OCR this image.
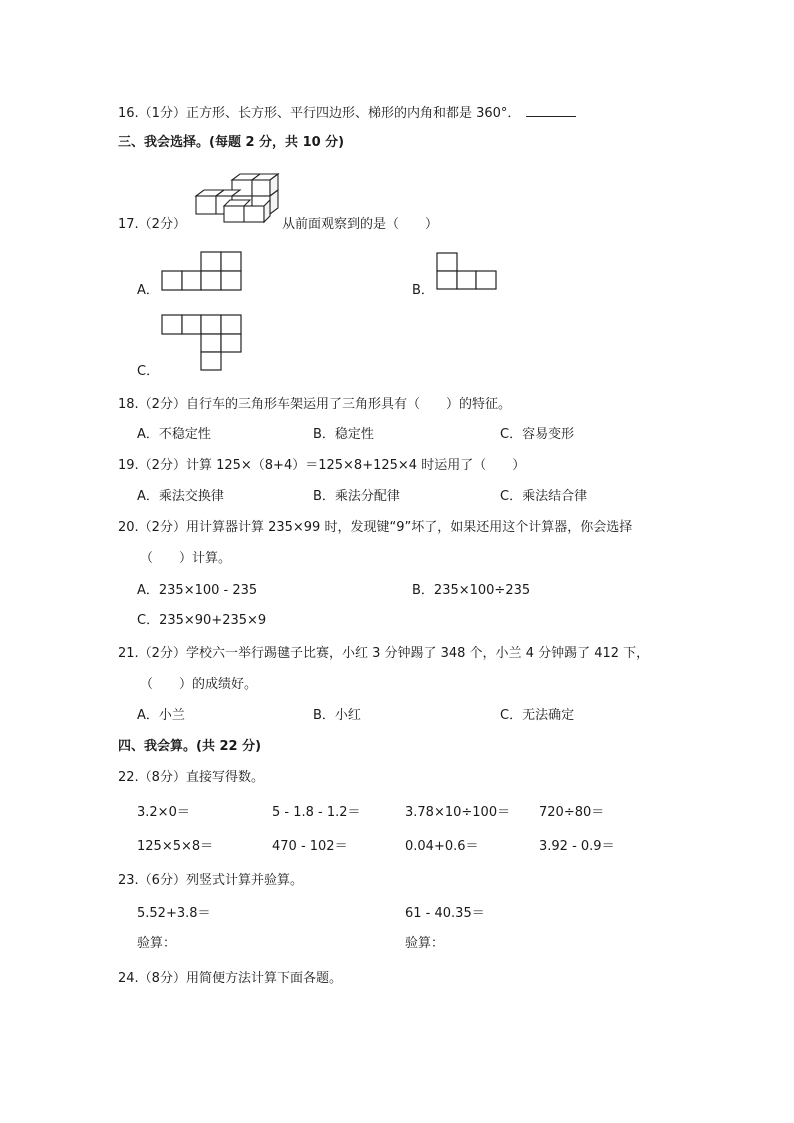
16.（1分）正方形、长方形、平行四边形、梯形的内角和都是 360°．
三、我会选择。(每题 2 分，共 10 分)
17.（2分）	从前面观察到的是（　　）
A．	B．
C．
18.（2分）自行车的三角形车架运用了三角形具有（　　）的特征。
A．不稳定性	B．稳定性	C．容易变形
19.（2分）计算 125×（8+4）＝125×8+125×4 时运用了（　　）
A．乘法交换律	B．乘法分配律	C．乘法结合律
20.（2分）用计算器计算 235×99 时，发现键“9”坏了，如果还用这个计算器，你会选择
（　　）计算。
A．235×100 - 235	B．235×100÷235
C．235×90+235×9
21.（2分）学校六一举行踢毽子比赛，小红 3 分钟踢了 348 个，小兰 4 分钟踢了 412 下，
（　　）的成绩好。
A．小兰	B．小红	C．无法确定
四、我会算。(共 22 分)
22.（8分）直接写得数。
3.2×0＝	5 - 1.8 - 1.2＝	3.78×10÷100＝ 720÷80＝
125×5×8＝	470 - 102＝	0.04+0.6＝	3.92 - 0.9＝
23.（6分）列竖式计算并验算。
5.52+3.8＝	61 - 40.35＝
验算：	验算：
24.（8分）用简便方法计算下面各题。
